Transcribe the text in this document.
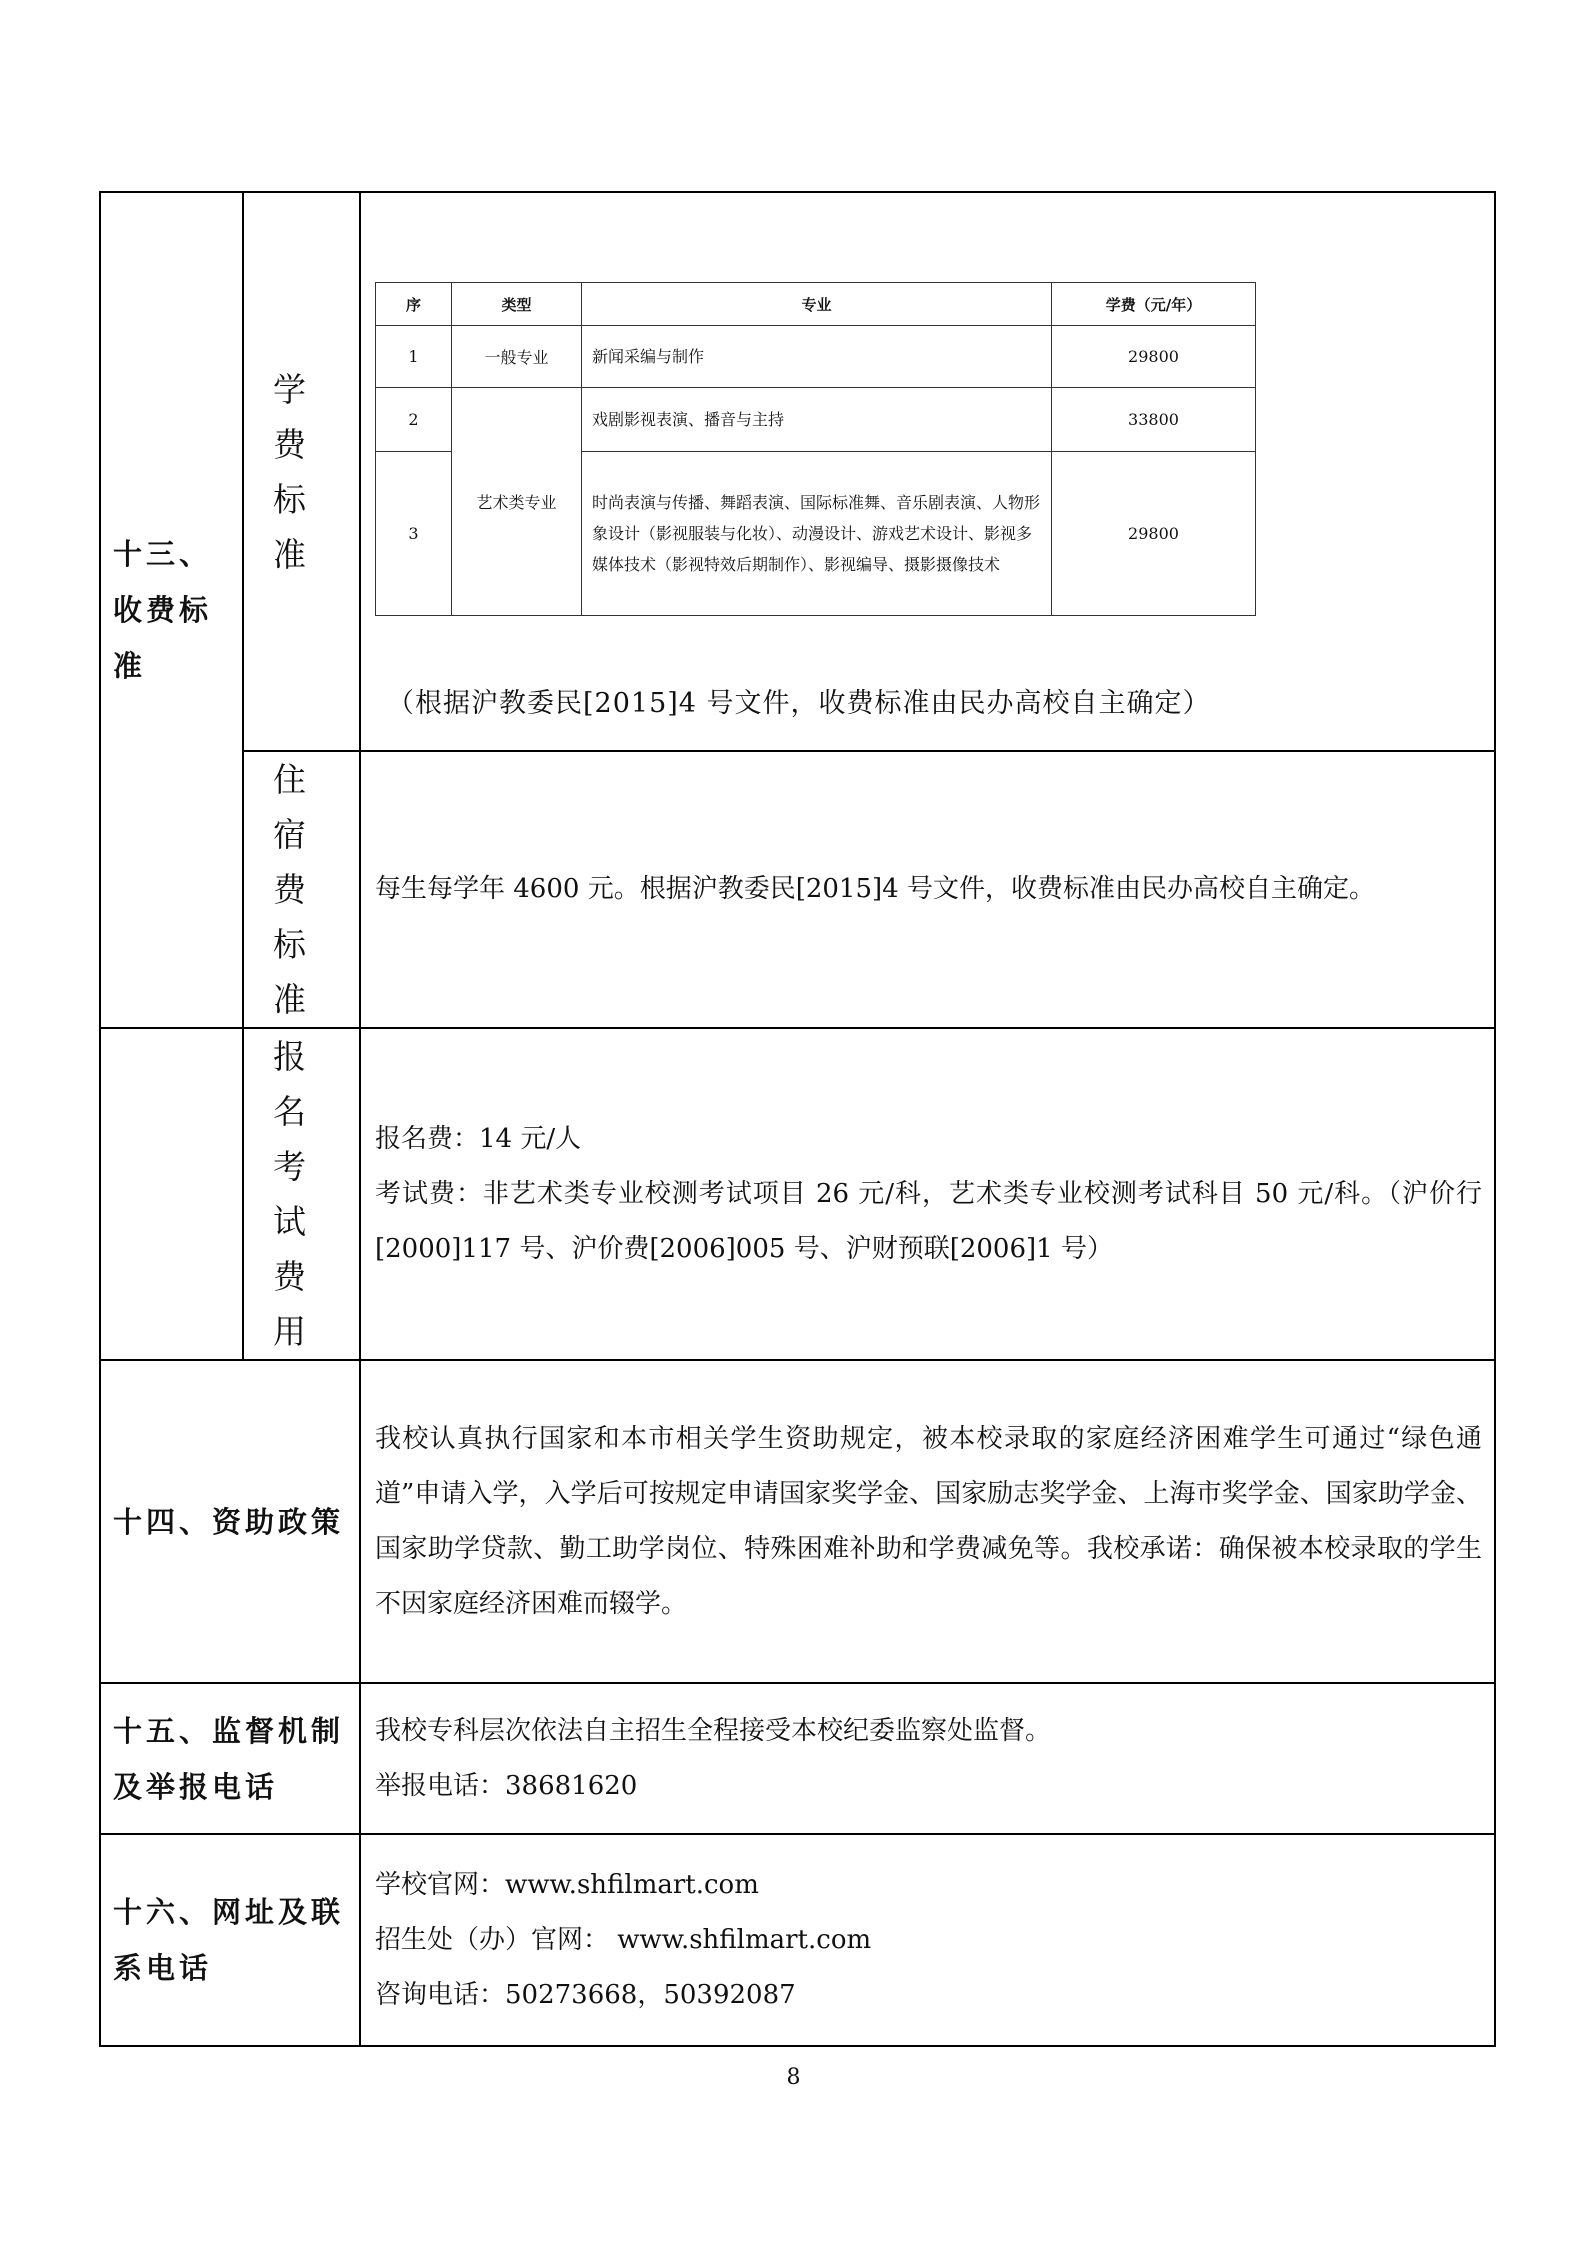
十三、收费标准	
学 费
标 准

序	类型	专业	学费（元/年）
1	一般专业	新闻采编与制作	29800
2	艺术类专业	戏剧影视表演、播音与主持	33800
3	时尚表演与传播、舞蹈表演、国际标准舞、音乐剧表演、人物形象设计（影视服装与化妆）、动漫设计、游戏艺术设计、影视多媒体技术（影视特效后期制作）、影视编导、摄影摄像技术	29800
（根据沪教委民[2015]4 号文件，收费标准由民办高校自主确定）

住 宿
费 标
准
	每生每学年 4600 元。根据沪教委民[2015]4 号文件，收费标准由民办高校自主确定。

报 名
考 试
费 用

报名费：14 元/人

考试费：非艺术类专业校测考试项目 26 元/科，艺术类专业校测考试科目 50 元/科。（沪价行[2000]117 号、沪价费[2006]005 号、沪财预联[2006]1 号）

十四、资助政策	我校认真执行国家和本市相关学生资助规定，被本校录取的家庭经济困难学生可通过“绿色通道”申请入学，入学后可按规定申请国家奖学金、国家励志奖学金、上海市奖学金、国家助学金、国家助学贷款、勤工助学岗位、特殊困难补助和学费减免等。我校承诺：确保被本校录取的学生不因家庭经济困难而辍学。
十五、监督机制及举报电话	

我校专科层次依法自主招生全程接受本校纪委监察处监督。

举报电话：38681620

十六、网址及联系电话	

学校官网：www.shfilmart.com

招生处（办）官网： www.shfilmart.com

咨询电话：50273668，50392087

8
